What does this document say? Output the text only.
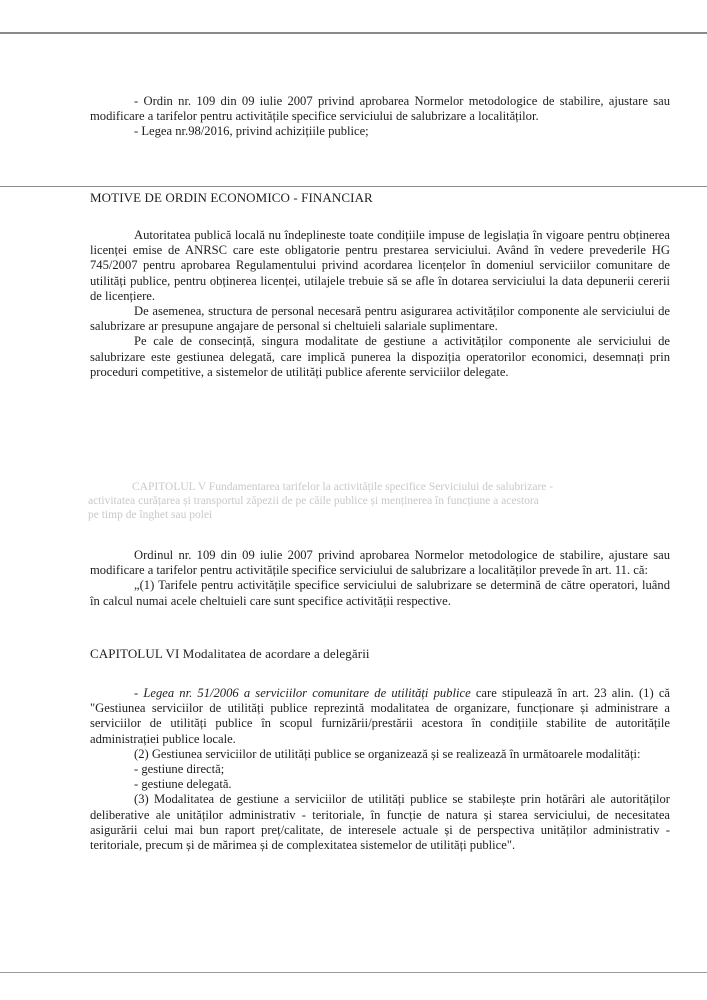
- Ordin nr. 109 din 09 iulie 2007 privind aprobarea Normelor metodologice de stabilire, ajustare sau modificare a tarifelor pentru activitățile specifice serviciului de salubrizare a localităților.

- Legea nr.98/2016, privind achizițiile publice;

MOTIVE DE ORDIN ECONOMICO - FINANCIAR

Autoritatea publică locală nu îndeplineste toate condițiile impuse de legislația în vigoare pentru obținerea licenței emise de ANRSC care este obligatorie pentru prestarea serviciului. Având în vedere prevederile HG 745/2007 pentru aprobarea Regulamentului privind acordarea licențelor în domeniul serviciilor comunitare de utilități publice, pentru obținerea licenței, utilajele trebuie să se afle în dotarea serviciului la data depunerii cererii de licențiere.

De asemenea, structura de personal necesară pentru asigurarea activităților componente ale serviciului de salubrizare ar presupune angajare de personal si cheltuieli salariale suplimentare.

Pe cale de consecință, singura modalitate de gestiune a activităților componente ale serviciului de salubrizare este gestiunea delegată, care implică punerea la dispoziția operatorilor economici, desemnați prin proceduri competitive, a sistemelor de utilități publice aferente serviciilor delegate.

CAPITOLUL V Fundamentarea tarifelor la activitățile specifice Serviciului de salubrizare -

activitatea curățarea și transportul zăpezii de pe căile publice și menținerea în funcțiune a acestora

pe timp de înghet sau polei

Ordinul nr. 109 din 09 iulie 2007 privind aprobarea Normelor metodologice de stabilire, ajustare sau modificare a tarifelor pentru activitățile specifice serviciului de salubrizare a localităților prevede în art. 11. că:

„(1) Tarifele pentru activitățile specifice serviciului de salubrizare se determină de către operatori, luând în calcul numai acele cheltuieli care sunt specifice activității respective.

CAPITOLUL VI Modalitatea de acordare a delegării

- Legea nr. 51/2006 a serviciilor comunitare de utilități publice care stipulează în art. 23 alin. (1) că "Gestiunea serviciilor de utilități publice reprezintă modalitatea de organizare, funcționare și administrare a serviciilor de utilități publice în scopul furnizării/prestării acestora în condițiile stabilite de autoritățile administrației publice locale.

(2) Gestiunea serviciilor de utilități publice se organizează și se realizează în următoarele modalități:

- gestiune directă;

- gestiune delegată.

(3) Modalitatea de gestiune a serviciilor de utilități publice se stabilește prin hotărâri ale autorităților deliberative ale unităților administrativ - teritoriale, în funcție de natura și starea serviciului, de necesitatea asigurării celui mai bun raport preț/calitate, de interesele actuale și de perspectiva unităților administrativ - teritoriale, precum și de mărimea și de complexitatea sistemelor de utilități publice".
